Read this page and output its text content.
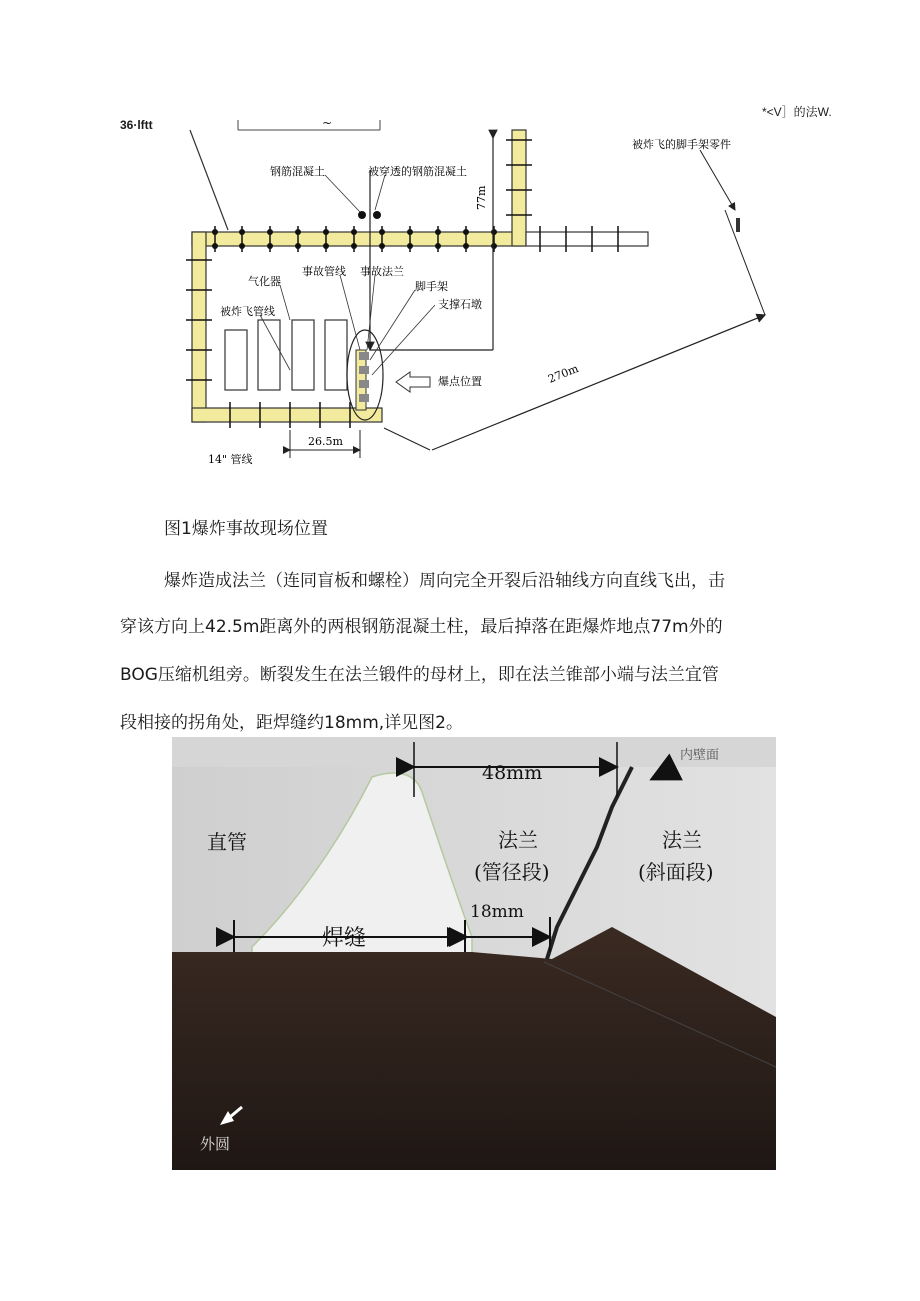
36·lftt	~
*<V］的法W.
钢筋混凝土	被穿透的钢筋混凝土
77m
被炸飞的脚手架零件
气化器
事故管线 事故法兰
脚手架
支撑石墩
被炸飞管线
爆点位置	270m
14" 管线
26.5m
图1爆炸事故现场位置
爆炸造成法兰（连同盲板和螺栓）周向完全开裂后沿轴线方向直线飞出，击
穿该方向上42.5m距离外的两根钢筋混凝土柱，最后掉落在距爆炸地点77m外的
BOG压缩机组旁。断裂发生在法兰锻件的母材上，即在法兰锥部小端与法兰宜管
段相接的拐角处，距焊缝约18mm,详见图2。
内壁面
48mm
直管	法兰
(管径段)
法兰
(斜面段)
18mm
焊缝
外圆
